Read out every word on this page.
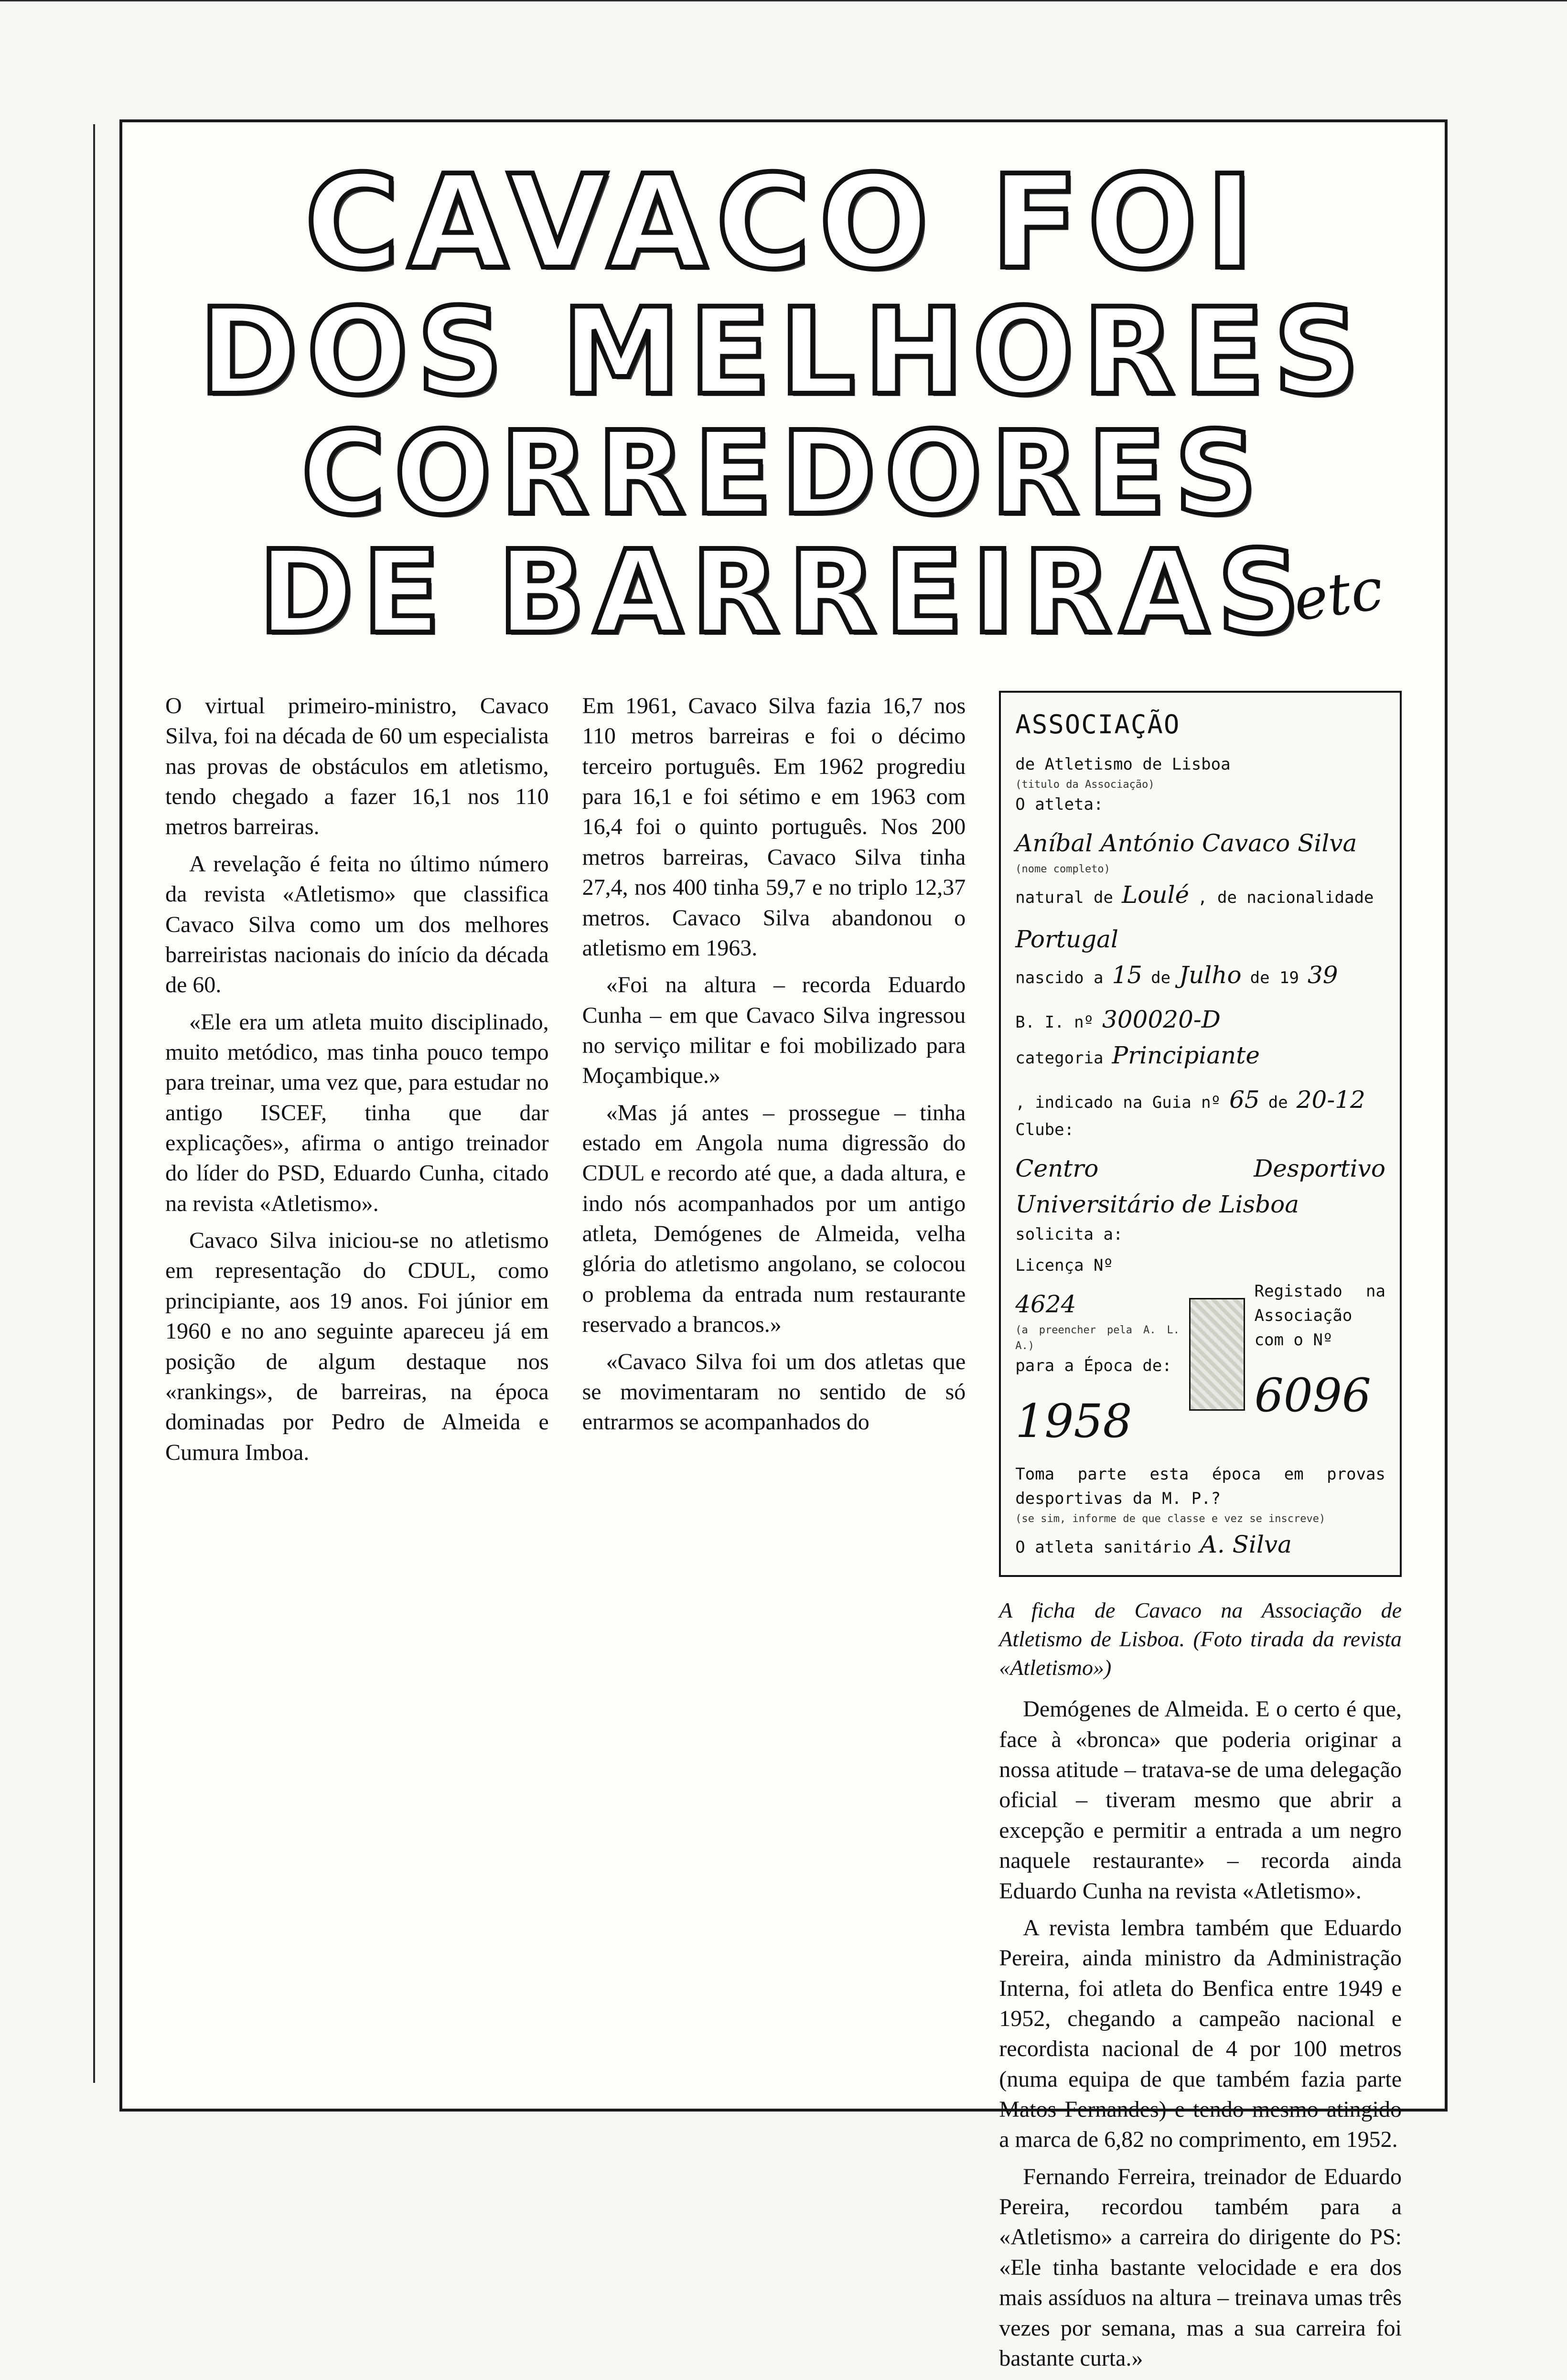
CAVACO FOI
DOS MELHORES
CORREDORES
DE BARREIRAS
etc

O virtual primeiro-ministro, Cavaco Silva, foi na década de 60 um especialista nas provas de obstáculos em atletismo, tendo chegado a fazer 16,1 nos 110 metros barreiras.

A revelação é feita no último número da revista «Atletismo» que classifica Cavaco Silva como um dos melhores barreiristas nacionais do início da década de 60.

«Ele era um atleta muito disciplinado, muito metódico, mas tinha pouco tempo para treinar, uma vez que, para estudar no antigo ISCEF, tinha que dar explicações», afirma o antigo treinador do líder do PSD, Eduardo Cunha, citado na revista «Atletismo».

Cavaco Silva iniciou-se no atletismo em representação do CDUL, como principiante, aos 19 anos. Foi júnior em 1960 e no ano seguinte apareceu já em posição de algum destaque nos «rankings», de barreiras, na época dominadas por Pedro de Almeida e Cumura Imboa.

Em 1961, Cavaco Silva fazia 16,7 nos 110 metros barreiras e foi o décimo terceiro português. Em 1962 progrediu para 16,1 e foi sétimo e em 1963 com 16,4 foi o quinto português. Nos 200 metros barreiras, Cavaco Silva tinha 27,4, nos 400 tinha 59,7 e no triplo 12,37 metros. Cavaco Silva abandonou o atletismo em 1963.

«Foi na altura – recorda Eduardo Cunha – em que Cavaco Silva ingressou no serviço militar e foi mobilizado para Moçambique.»

«Mas já antes – prossegue – tinha estado em Angola numa digressão do CDUL e recordo até que, a dada altura, e indo nós acompanhados por um antigo atleta, Demógenes de Almeida, velha glória do atletismo angolano, se colocou o problema da entrada num restaurante reservado a brancos.»

«Cavaco Silva foi um dos atletas que se movimentaram no sentido de só entrarmos se acompanhados do

ASSOCIAÇÃO
de Atletismo de Lisboa
(titulo da Associação)
O atleta:
Aníbal António Cavaco Silva
(nome completo)
natural de Loulé , de nacionalidade
Portugal
nascido a 15 de Julho de 19 39
B. I. nº 300020-D
categoria Principiante
, indicado na Guia nº 65 de 20-12
Clube:
Centro Desportivo Universitário de Lisboa
solicita a:
Licença Nº
4624
(a preencher pela A. L. A.)
para a Época de:
1958
Registado na Associação
com o Nº
6096
Toma parte esta época em provas desportivas da M. P.?
(se sim, informe de que classe e vez se inscreve)
O atleta sanitário A. Silva
A ficha de Cavaco na Associação de Atletismo de Lisboa. (Foto tirada da revista «Atletismo»)

Demógenes de Almeida. E o certo é que, face à «bronca» que poderia originar a nossa atitude – tratava-se de uma delegação oficial – tiveram mesmo que abrir a excepção e permitir a entrada a um negro naquele restaurante» – recorda ainda Eduardo Cunha na revista «Atletismo».

A revista lembra também que Eduardo Pereira, ainda ministro da Administração Interna, foi atleta do Benfica entre 1949 e 1952, chegando a campeão nacional e recordista nacional de 4 por 100 metros (numa equipa de que também fazia parte Matos Fernandes) e tendo mesmo atingido a marca de 6,82 no comprimento, em 1952.

Fernando Ferreira, treinador de Eduardo Pereira, recordou também para a «Atletismo» a carreira do dirigente do PS: «Ele tinha bastante velocidade e era dos mais assíduos na altura – treinava umas três vezes por semana, mas a sua carreira foi bastante curta.»
